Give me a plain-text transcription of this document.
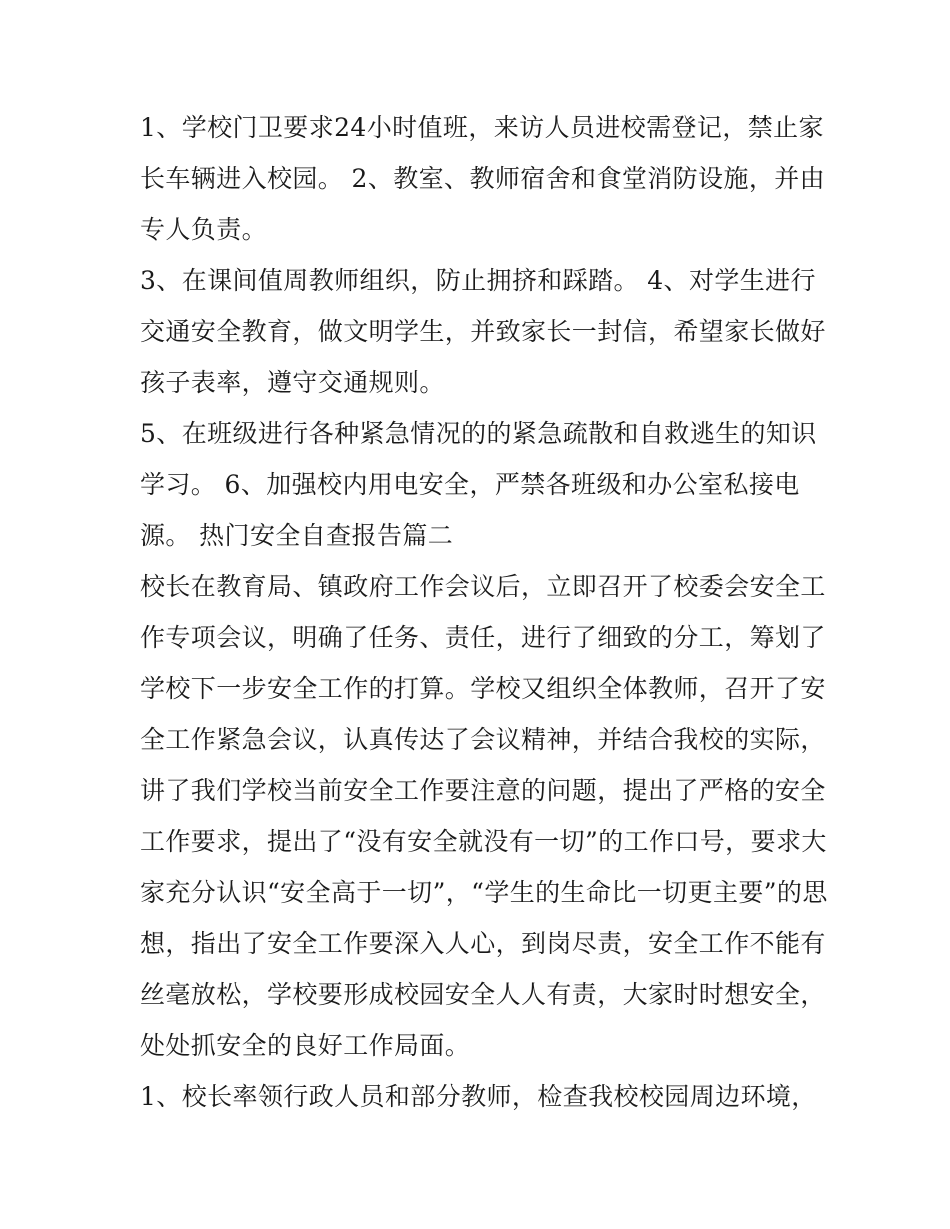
1、学校门卫要求24小时值班，来访人员进校需登记，禁止家
长车辆进入校园。 2、教室、教师宿舍和食堂消防设施，并由
专人负责。
3、在课间值周教师组织，防止拥挤和踩踏。 4、对学生进行
交通安全教育，做文明学生，并致家长一封信，希望家长做好
孩子表率，遵守交通规则。
5、在班级进行各种紧急情况的的紧急疏散和自救逃生的知识
学习。 6、加强校内用电安全，严禁各班级和办公室私接电
源。 热门安全自查报告篇二
校长在教育局、镇政府工作会议后，立即召开了校委会安全工
作专项会议，明确了任务、责任，进行了细致的分工，筹划了
学校下一步安全工作的打算。学校又组织全体教师，召开了安
全工作紧急会议，认真传达了会议精神，并结合我校的实际，
讲了我们学校当前安全工作要注意的问题，提出了严格的安全
工作要求，提出了“没有安全就没有一切”的工作口号，要求大
家充分认识“安全高于一切”，“学生的生命比一切更主要”的思
想，指出了安全工作要深入人心，到岗尽责，安全工作不能有
丝毫放松，学校要形成校园安全人人有责，大家时时想安全，
处处抓安全的良好工作局面。
1、校长率领行政人员和部分教师，检查我校校园周边环境，
